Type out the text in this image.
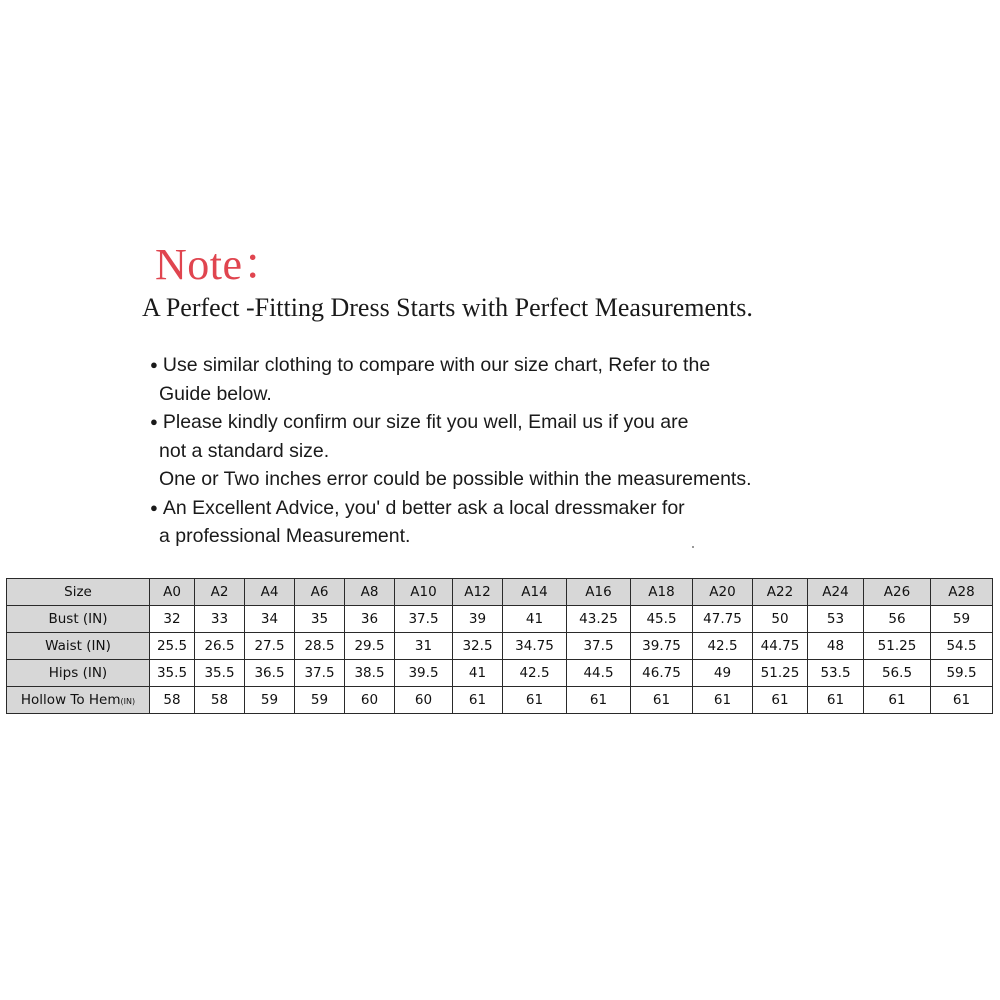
Note：
A Perfect -Fitting Dress Starts with Perfect Measurements.
● Use similar clothing to compare with our size chart, Refer to the
Guide below.
● Please kindly confirm our size fit you well, Email us if you are
not a standard size.
One or Two inches error could be possible within the measurements.
● An Excellent Advice, you' d better ask a local dressmaker for
a professional Measurement.
Size	A0	A2	A4	A6	A8	A10	A12	A14	A16	A18	A20	A22	A24	A26	A28
Bust (IN)	32	33	34	35	36	37.5	39	41	43.25	45.5	47.75	50	53	56	59
Waist (IN)	25.5	26.5	27.5	28.5	29.5	31	32.5	34.75	37.5	39.75	42.5	44.75	48	51.25	54.5
Hips (IN)	35.5	35.5	36.5	37.5	38.5	39.5	41	42.5	44.5	46.75	49	51.25	53.5	56.5	59.5
Hollow To Hem(IN)	58	58	59	59	60	60	61	61	61	61	61	61	61	61	61
